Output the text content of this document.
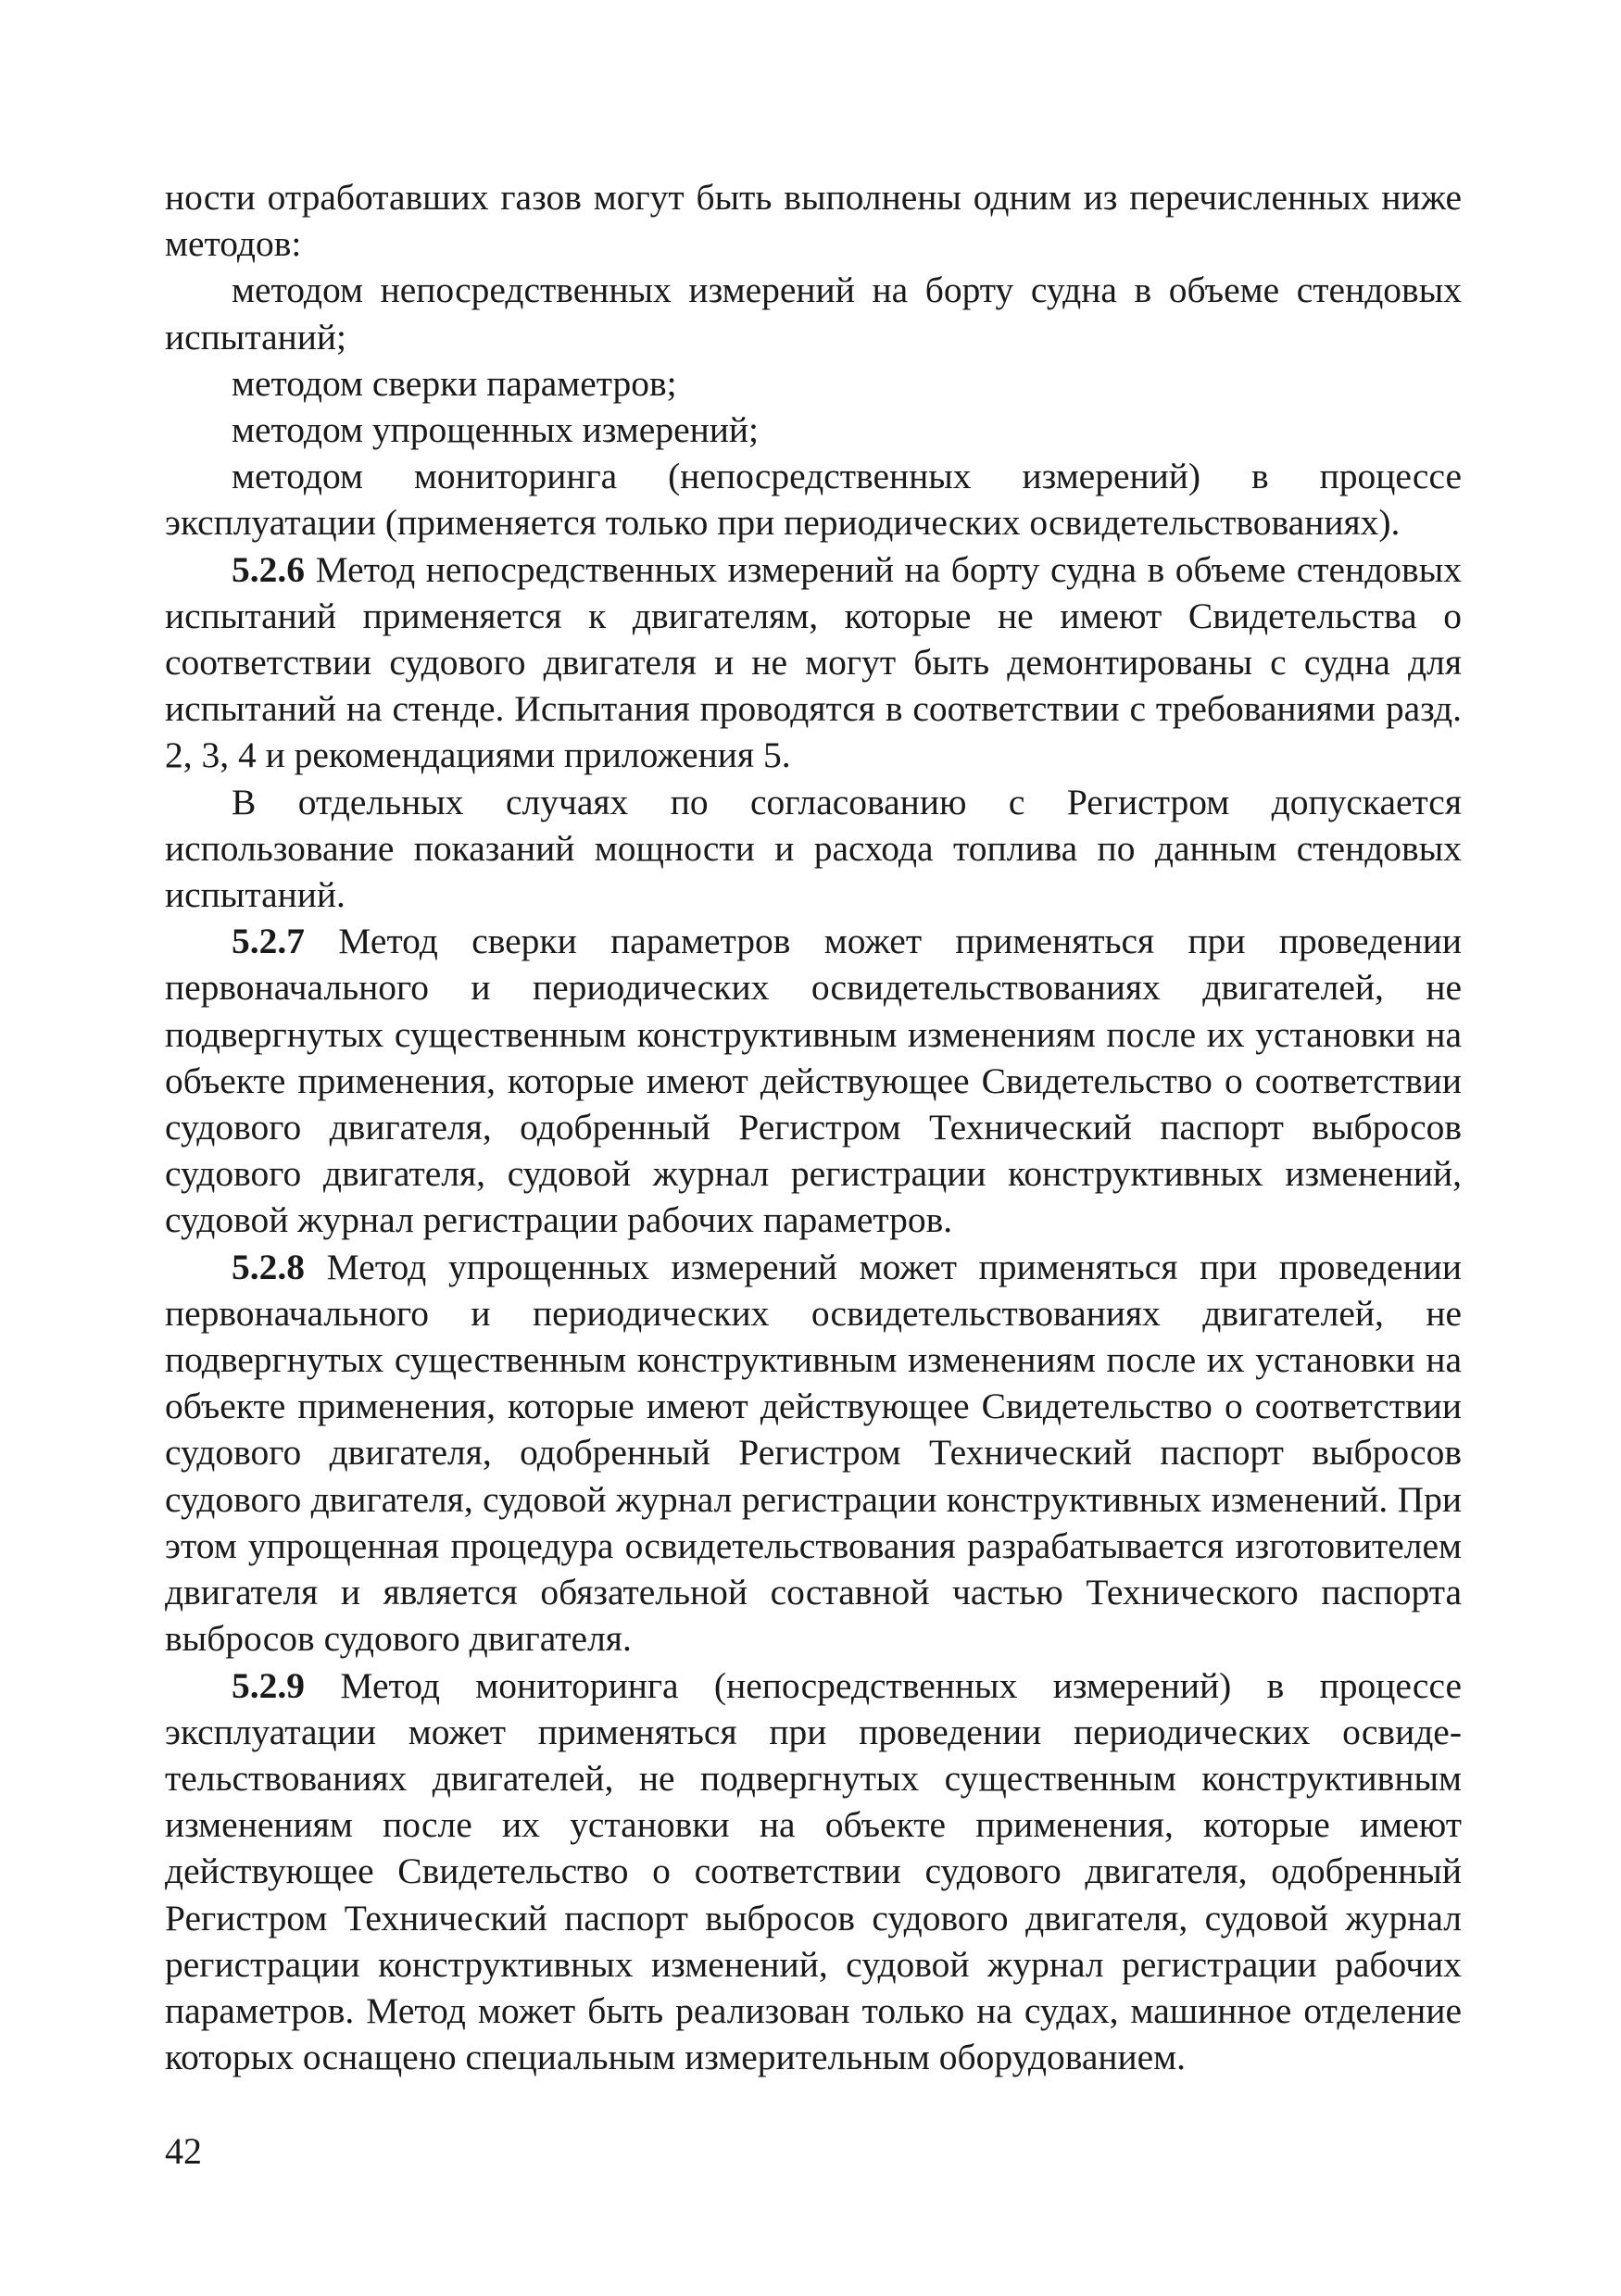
ности отработавших газов могут быть выполнены одним из перечисленных ниже методов:

методом непосредственных измерений на борту судна в объеме стендовых испытаний;

методом сверки параметров;

методом упрощенных измерений;

методом мониторинга (непосредственных измерений) в процессе эксплуатации (применяется только при периодических освидетельствованиях).

5.2.6 Метод непосредственных измерений на борту судна в объеме стендовых испытаний применяется к двигателям, которые не имеют Свидетельства о соответствии судового двигателя и не могут быть демонтированы с судна для испытаний на стенде. Испытания проводятся в соответствии с требованиями разд. 2, 3, 4 и рекомендациями приложения 5.

В отдельных случаях по согласованию с Регистром допускается использование показаний мощности и расхода топлива по данным стендовых испытаний.

5.2.7 Метод сверки параметров может применяться при проведении первоначального и периодических освидетельствованиях двигателей, не подвергнутых существенным конструктивным изменениям после их установки на объекте применения, которые имеют действующее Свидетельство о соответствии судового двигателя, одобренный Регистром Технический паспорт выбросов судового двигателя, судовой журнал регистрации конструктивных изменений, судовой журнал регистрации рабочих параметров.

5.2.8 Метод упрощенных измерений может применяться при проведении первоначального и периодических освидетельствованиях двигателей, не подвергнутых существенным конструктивным изменениям после их установки на объекте применения, которые имеют действующее Свидетельство о соответствии судового двигателя, одобренный Регистром Технический паспорт выбросов судового двигателя, судовой журнал регистрации конструктивных изменений. При этом упрощенная процедура освидетельствования разрабатывается изготовителем двигателя и является обязательной составной частью Технического паспорта выбросов судового двигателя.

5.2.9 Метод мониторинга (непосредственных измерений) в процессе эксплуатации может применяться при проведении периодических освидетельствованиях двигателей, не подвергнутых существенным конструктивным изменениям после их установки на объекте применения, которые имеют действующее Свидетельство о соответствии судового двигателя, одобренный Регистром Технический паспорт выбросов судового двигателя, судовой журнал регистрации конструктивных изменений, судовой журнал регистрации рабочих параметров. Метод может быть реализован только на судах, машинное отделение которых оснащено специальным измерительным оборудованием.

42
